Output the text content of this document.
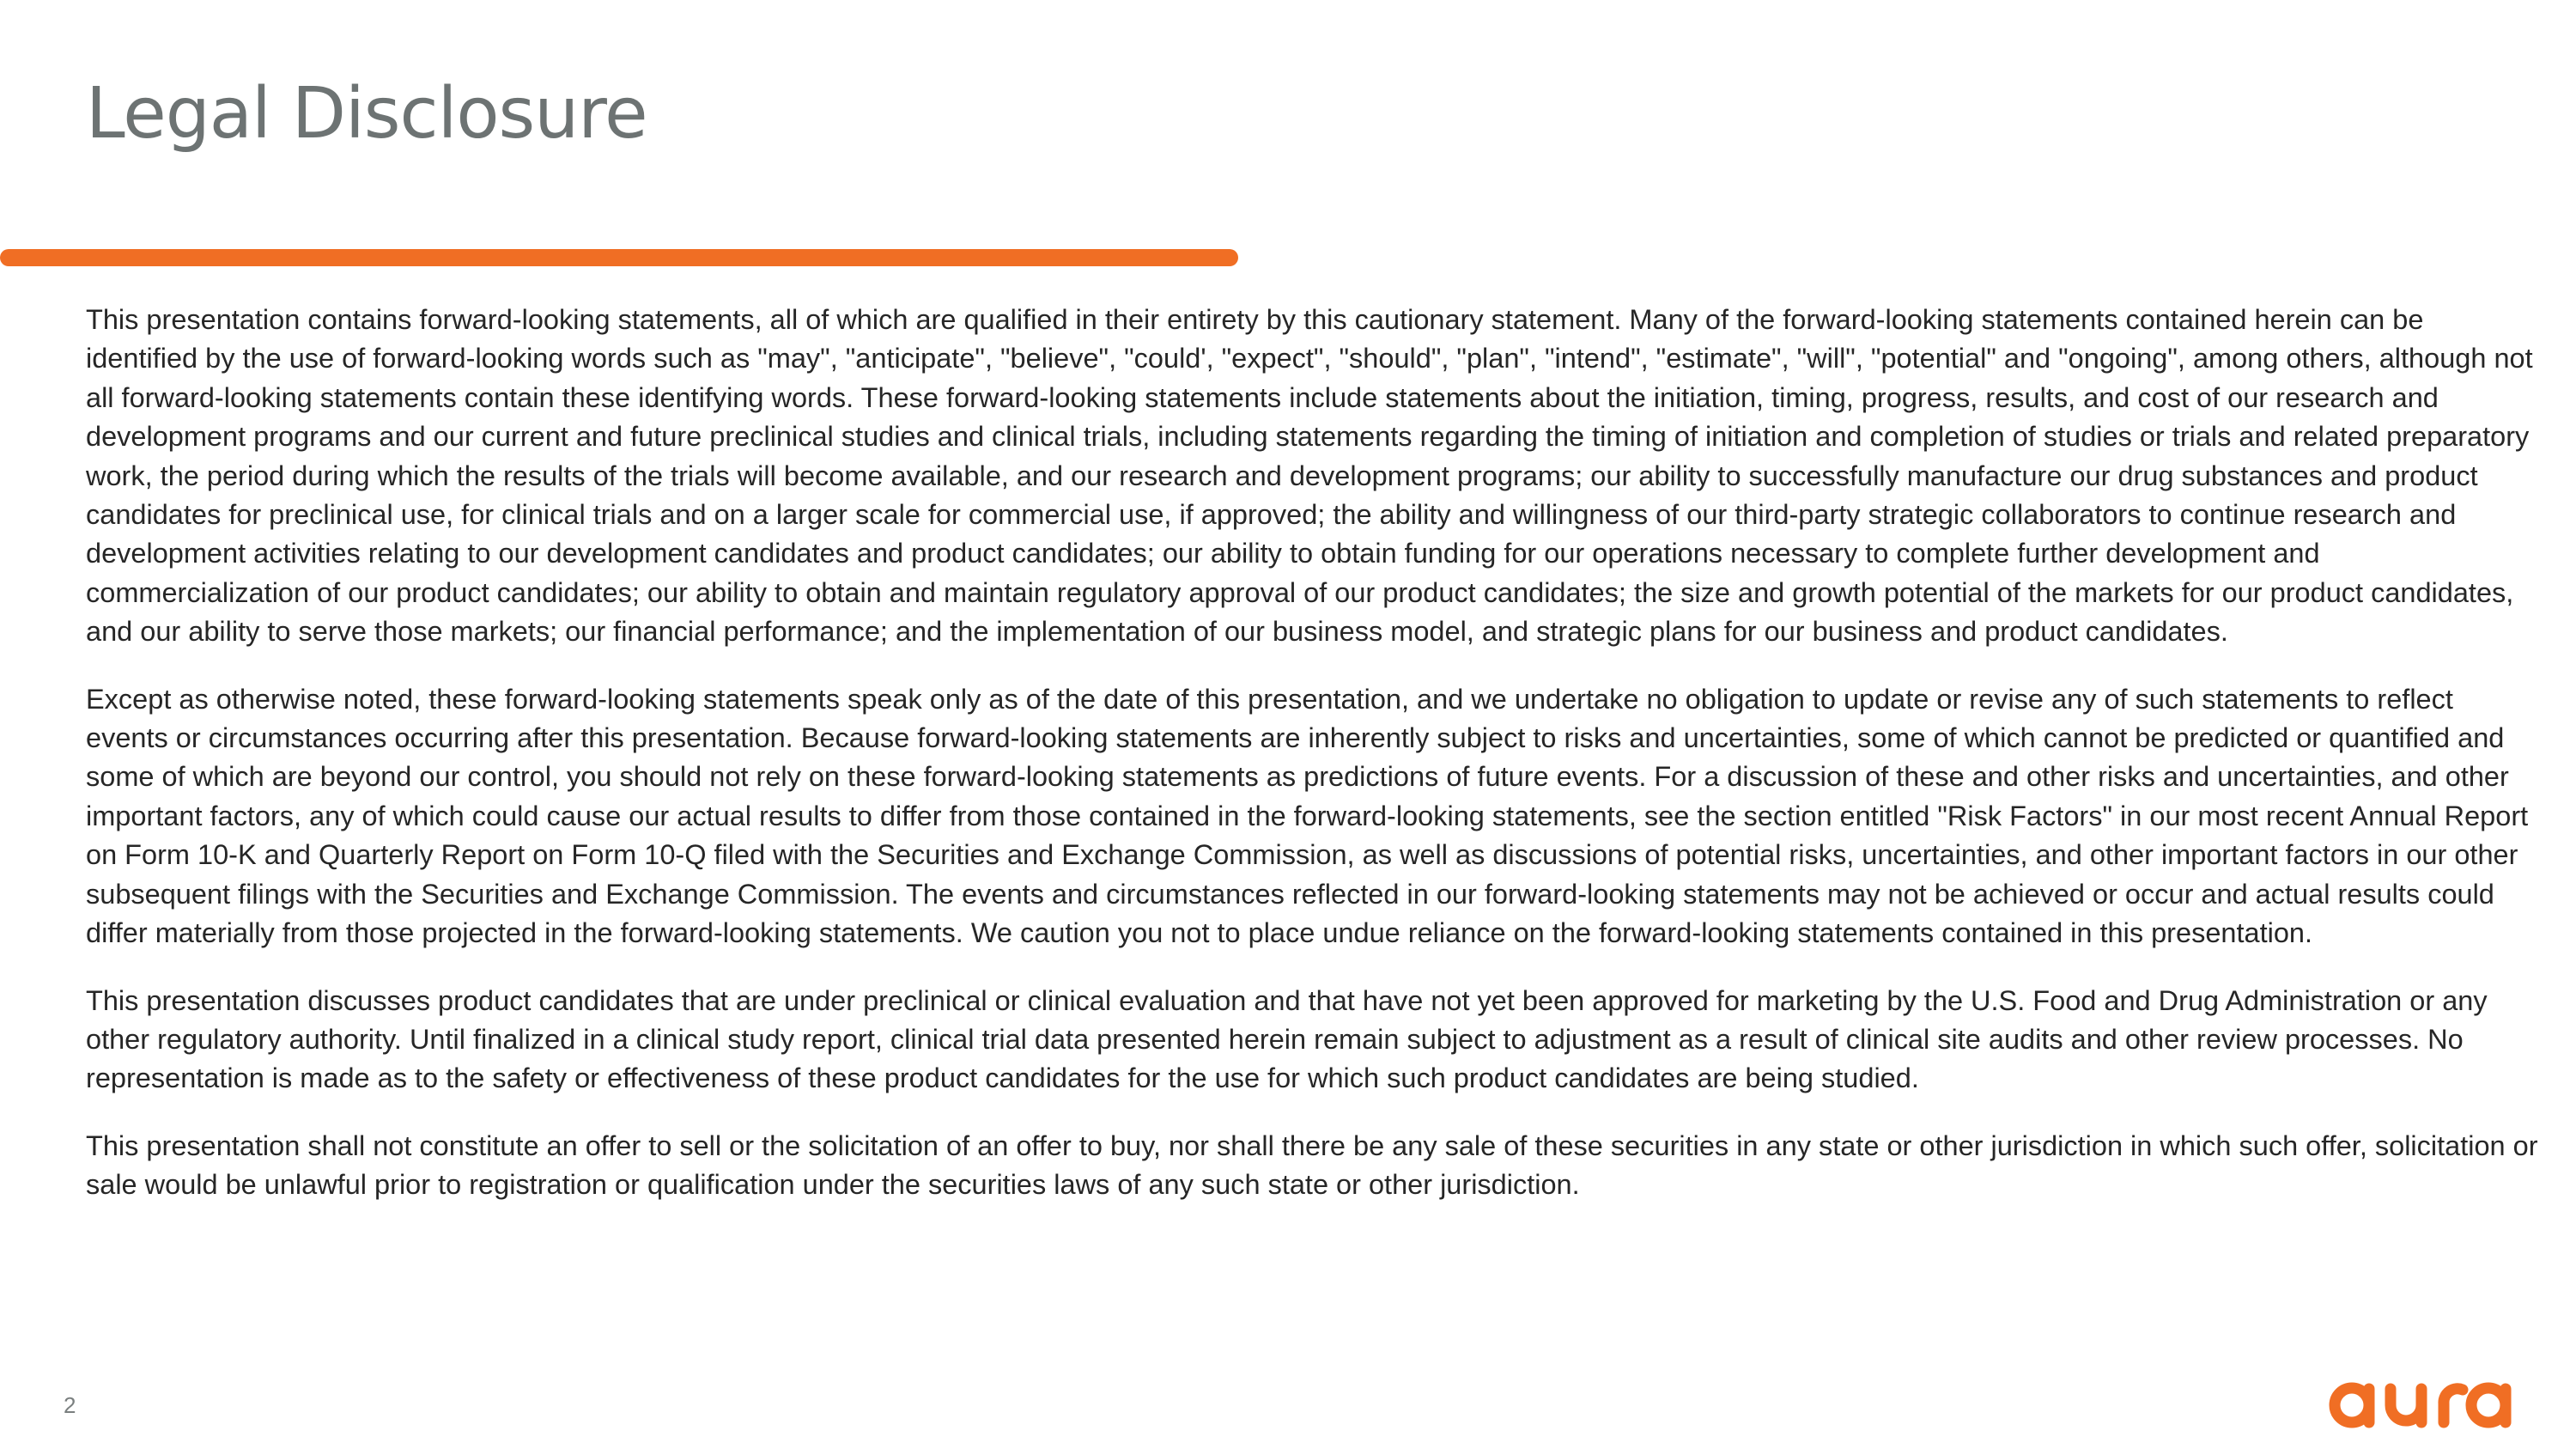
Legal Disclosure

This presentation contains forward-looking statements, all of which are qualified in their entirety by this cautionary statement. Many of the forward-looking statements contained herein can be identified by the use of forward-looking words such as "may", "anticipate", "believe", "could', "expect", "should", "plan", "intend", "estimate", "will", "potential" and "ongoing", among others, although not all forward-looking statements contain these identifying words. These forward-looking statements include statements about the initiation, timing, progress, results, and cost of our research and development programs and our current and future preclinical studies and clinical trials, including statements regarding the timing of initiation and completion of studies or trials and related preparatory work, the period during which the results of the trials will become available, and our research and development programs; our ability to successfully manufacture our drug substances and product candidates for preclinical use, for clinical trials and on a larger scale for commercial use, if approved; the ability and willingness of our third-party strategic collaborators to continue research and development activities relating to our development candidates and product candidates; our ability to obtain funding for our operations necessary to complete further development and commercialization of our product candidates; our ability to obtain and maintain regulatory approval of our product candidates; the size and growth potential of the markets for our product candidates, and our ability to serve those markets; our financial performance; and the implementation of our business model, and strategic plans for our business and product candidates.

Except as otherwise noted, these forward-looking statements speak only as of the date of this presentation, and we undertake no obligation to update or revise any of such statements to reflect events or circumstances occurring after this presentation. Because forward-looking statements are inherently subject to risks and uncertainties, some of which cannot be predicted or quantified and some of which are beyond our control, you should not rely on these forward-looking statements as predictions of future events. For a discussion of these and other risks and uncertainties, and other important factors, any of which could cause our actual results to differ from those contained in the forward-looking statements, see the section entitled "Risk Factors" in our most recent Annual Report on Form 10-K and Quarterly Report on Form 10-Q filed with the Securities and Exchange Commission, as well as discussions of potential risks, uncertainties, and other important factors in our other subsequent filings with the Securities and Exchange Commission. The events and circumstances reflected in our forward-looking statements may not be achieved or occur and actual results could differ materially from those projected in the forward-looking statements. We caution you not to place undue reliance on the forward-looking statements contained in this presentation.

This presentation discusses product candidates that are under preclinical or clinical evaluation and that have not yet been approved for marketing by the U.S. Food and Drug Administration or any other regulatory authority. Until finalized in a clinical study report, clinical trial data presented herein remain subject to adjustment as a result of clinical site audits and other review processes. No representation is made as to the safety or effectiveness of these product candidates for the use for which such product candidates are being studied.

This presentation shall not constitute an offer to sell or the solicitation of an offer to buy, nor shall there be any sale of these securities in any state or other jurisdiction in which such offer, solicitation or sale would be unlawful prior to registration or qualification under the securities laws of any such state or other jurisdiction.

2
